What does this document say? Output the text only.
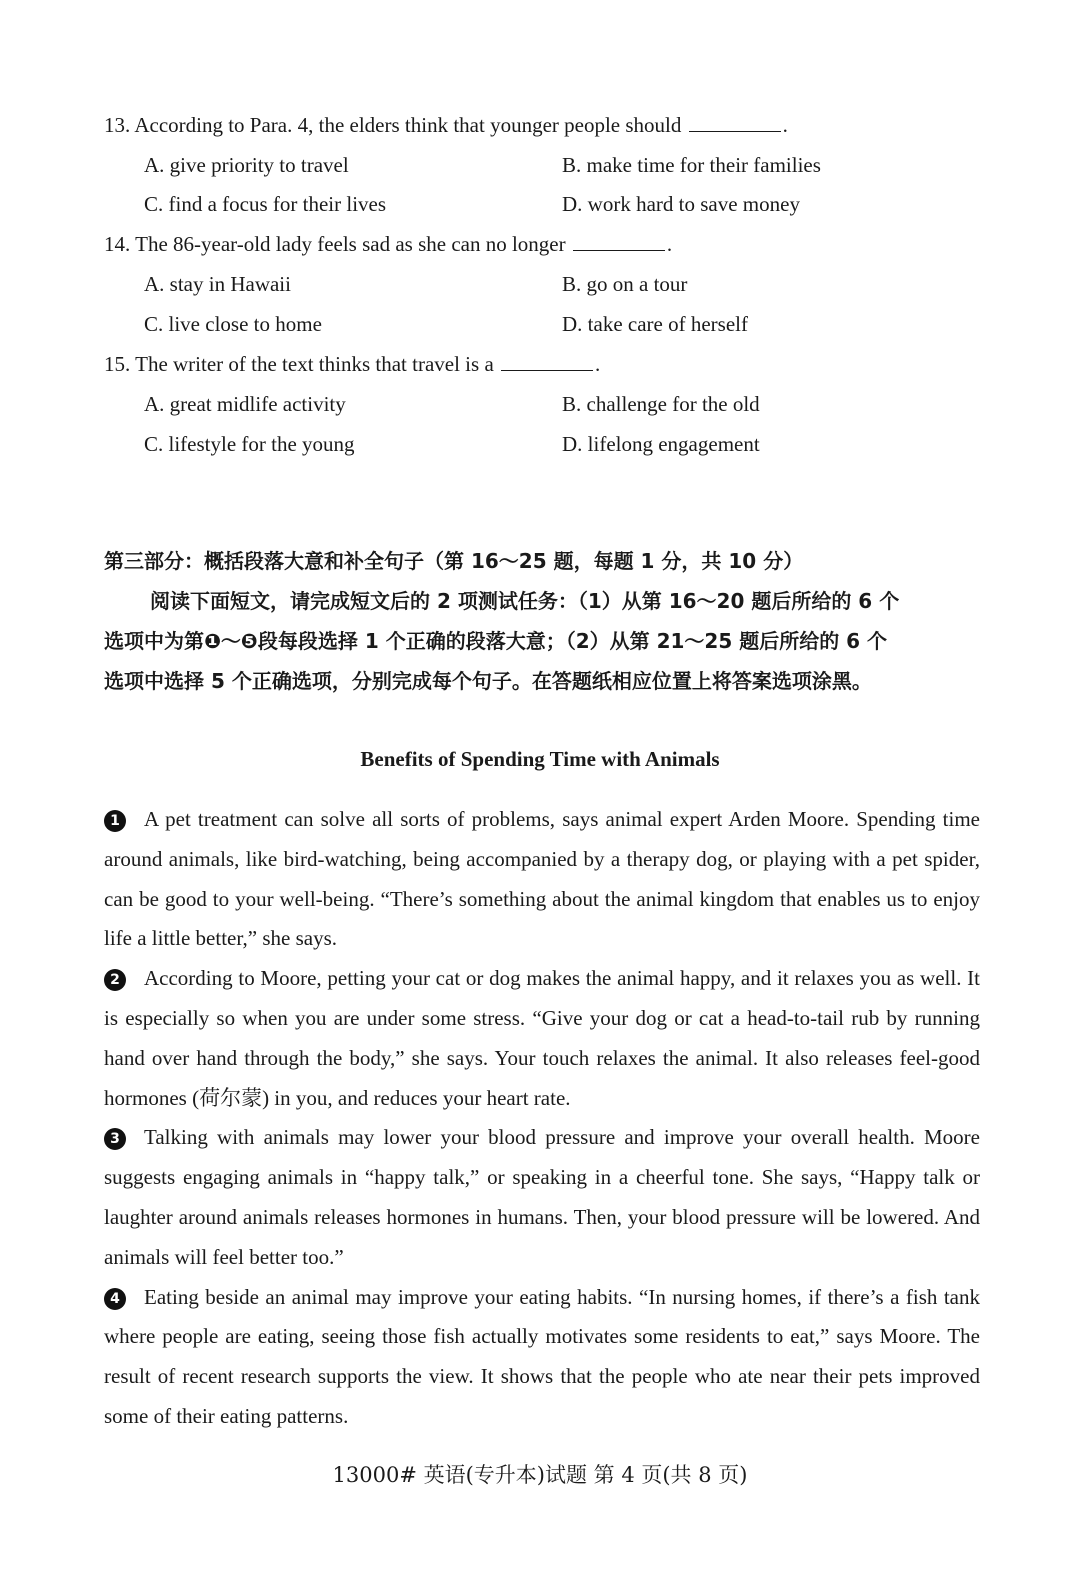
13. According to Para. 4, the elders think that younger people should	.
A. give priority to travel	B. make time for their families
C. find a focus for their lives	D. work hard to save money
14. The 86-year-old lady feels sad as she can no longer	.
A. stay in Hawaii	B. go on a tour
C. live close to home	D. take care of herself
15. The writer of the text thinks that travel is a	.
A. great midlife activity	B. challenge for the old
C. lifestyle for the young	D. lifelong engagement
第三部分：概括段落大意和补全句子（第 16～25 题，每题 1 分，共 10 分）
阅读下面短文，请完成短文后的 2 项测试任务：（1）从第 16～20 题后所给的 6 个
选项中为第❶～❺段每段选择 1 个正确的段落大意；（2）从第 21～25 题后所给的 6 个
选项中选择 5 个正确选项，分别完成每个句子。在答题纸相应位置上将答案选项涂黑。
Benefits of Spending Time with Animals

1 A pet treatment can solve all sorts of problems, says animal expert Arden Moore. Spending time around animals, like bird-watching, being accompanied by a therapy dog, or playing with a pet spider, can be good to your well-being. “There’s something about the animal kingdom that enables us to enjoy life a little better,” she says.

2 According to Moore, petting your cat or dog makes the animal happy, and it relaxes you as well. It is especially so when you are under some stress. “Give your dog or cat a head-to-tail rub by running hand over hand through the body,” she says. Your touch relaxes the animal. It also releases feel-good hormones (荷尔蒙) in you, and reduces your heart rate.

3 Talking with animals may lower your blood pressure and improve your overall health. Moore suggests engaging animals in “happy talk,” or speaking in a cheerful tone. She says, “Happy talk or laughter around animals releases hormones in humans. Then, your blood pressure will be lowered. And animals will feel better too.”

4 Eating beside an animal may improve your eating habits. “In nursing homes, if there’s a fish tank where people are eating, seeing those fish actually motivates some residents to eat,” says Moore. The result of recent research supports the view. It shows that the people who ate near their pets improved some of their eating patterns.

13000# 英语(专升本)试题 第 4 页(共 8 页)
